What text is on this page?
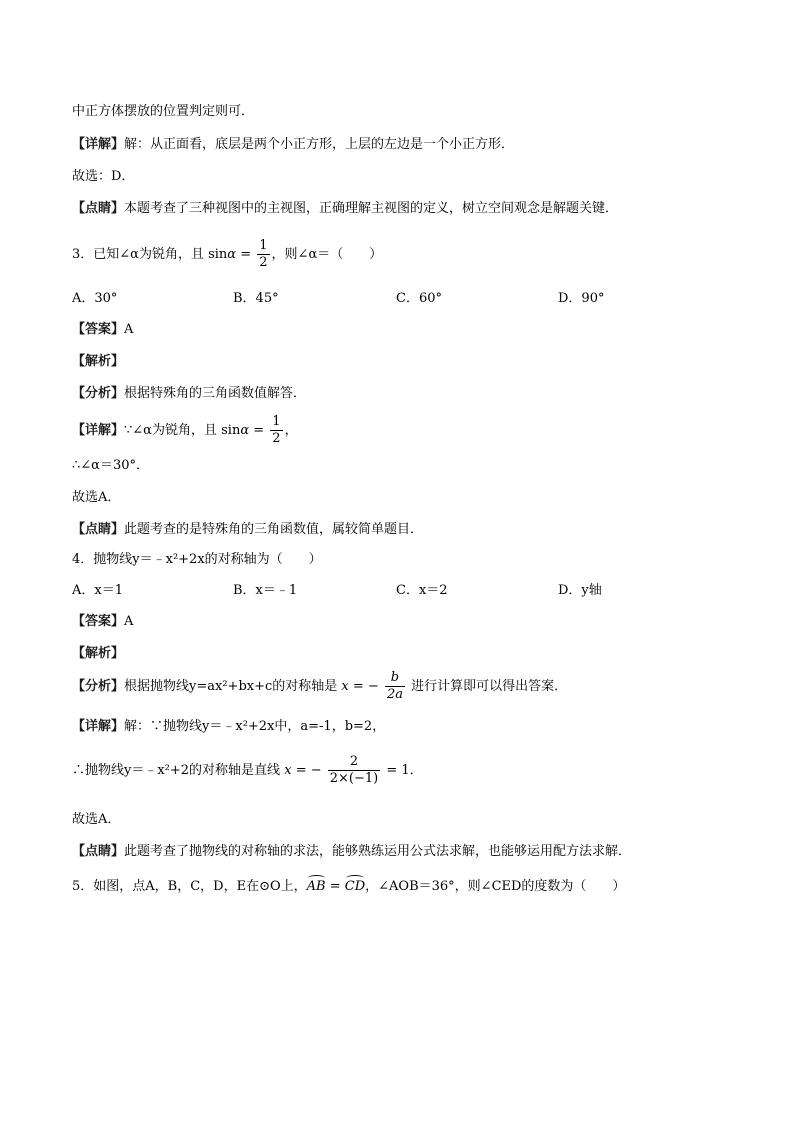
中正方体摆放的位置判定则可．
【详解】解：从正面看，底层是两个小正方形，上层的左边是一个小正方形．
故选：D．
【点睛】本题考查了三种视图中的主视图，正确理解主视图的定义，树立空间观念是解题关键．
3．已知∠α为锐角，且 $\sin\alpha = \frac{1}{2}$ ，则∠α＝（　　）
A．30°	B．45°	C．60°	D．90°
【答案】A
【解析】
【分析】根据特殊角的三角函数值解答．
【详解】∵∠α为锐角，且 $\sin\alpha = \frac{1}{2}$ ，
∴∠α＝30°．
故选A．
【点睛】此题考查的是特殊角的三角函数值，属较简单题目．
4．抛物线y＝﹣x²+2x的对称轴为（　　）
A．x＝1	B．x＝﹣1	C．x＝2	D．y轴
【答案】A
【解析】
【分析】根据抛物线y=ax²+bx+c的对称轴是 x = − $\frac{b}{2a}$ 进行计算即可以得出答案．
【详解】解：∵抛物线y＝﹣x²+2x中，a=-1，b=2，
∴抛物线y＝﹣x²+2的对称轴是直线 x = − $\frac{2}{2\times(-1)} = 1$．
故选A．
【点睛】此题考查了抛物线的对称轴的求法，能够熟练运用公式法求解，也能够运用配方法求解．
5．如图，点A，B，C，D，E在⊙O上，AB = CD，∠AOB＝36°，则∠CED的度数为（　　）
